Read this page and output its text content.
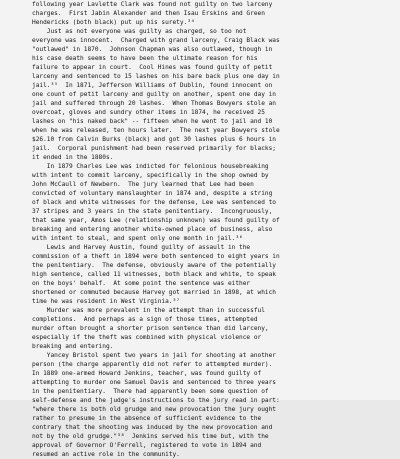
following year Lavlette Clark was found not guilty on two larceny
charges.  First Jabin Alexander and then Isau Erskins and Green
Hendericks (both black) put up his surety.³⁴
Just as not everyone was guilty as charged, so too not
everyone was innocent.  Charged with grand larceny, Craig Black was
"outlawed" in 1870.  Johnson Chapman was also outlawed, though in
his case death seems to have been the ultimate reason for his
failure to appear in court.  Cool Hines was found guilty of petit
larceny and sentenced to 15 lashes on his bare back plus one day in
jail.³⁵  In 1871, Jefferson Williams of Dublin, found innocent on
one count of petit larceny and guilty on another, spent one day in
jail and suffered through 20 lashes.  When Thomas Bowyers stole an
overcoat, gloves and sundry other items in 1874, he received 25
lashes on "his naked back" -- fifteen when he went to jail and 10
when he was released, ten hours later.  The next year Bowyers stole
$26.10 from Calvin Burks (black) and got 30 lashes plus 6 hours in
jail.  Corporal punishment had been reserved primarily for blacks;
it ended in the 1880s.
In 1879 Charles Lee was indicted for felonious housebreaking
with intent to commit larceny, specifically in the shop owned by
John McCaull of Newbern.  The jury learned that Lee had been
convicted of voluntary manslaughter in 1874 and, despite a string
of black and white witnesses for the defense, Lee was sentenced to
37 stripes and 3 years in the state penitentiary.  Incongruously,
that same year, Amos Lee (relationship unknown) was found guilty of
breaking and entering another white-owned place of business, also
with intent to steal, and spent only one month in jail.³⁶
Lewis and Harvey Austin, found guilty of assault in the
commission of a theft in 1894 were both sentenced to eight years in
the penitentiary.  The defense, obviously aware of the potentially
high sentence, called 11 witnesses, both black and white, to speak
on the boys' behalf.  At some point the sentence was either
shortened or commuted because Harvey got married in 1898, at which
time he was resident in West Virginia.³⁷
Murder was more prevalent in the attempt than in successful
completions.  And perhaps as a sign of those times, attempted
murder often brought a shorter prison sentence than did larceny,
especially if the theft was combined with physical violence or
breaking and entering.
Yancey Bristol spent two years in jail for shooting at another
person (the charge apparently did not refer to attempted murder).
In 1889 one-armed Howard Jenkins, teacher, was found guilty of
attempting to murder one Samuel Davis and sentenced to three years
in the penitentiary.  There had apparently been some question of
self-defense and the judge's instructions to the jury read in part:
"where there is both old grudge and new provocation the jury ought
rather to presume in the absence of sufficient evidence to the
contrary that the shooting was induced by the new provocation and
not by the old grudge."³⁸  Jenkins served his time but, with the
approval of Governor O'Ferrell, registered to vote in 1894 and
resumed an active role in the community.
